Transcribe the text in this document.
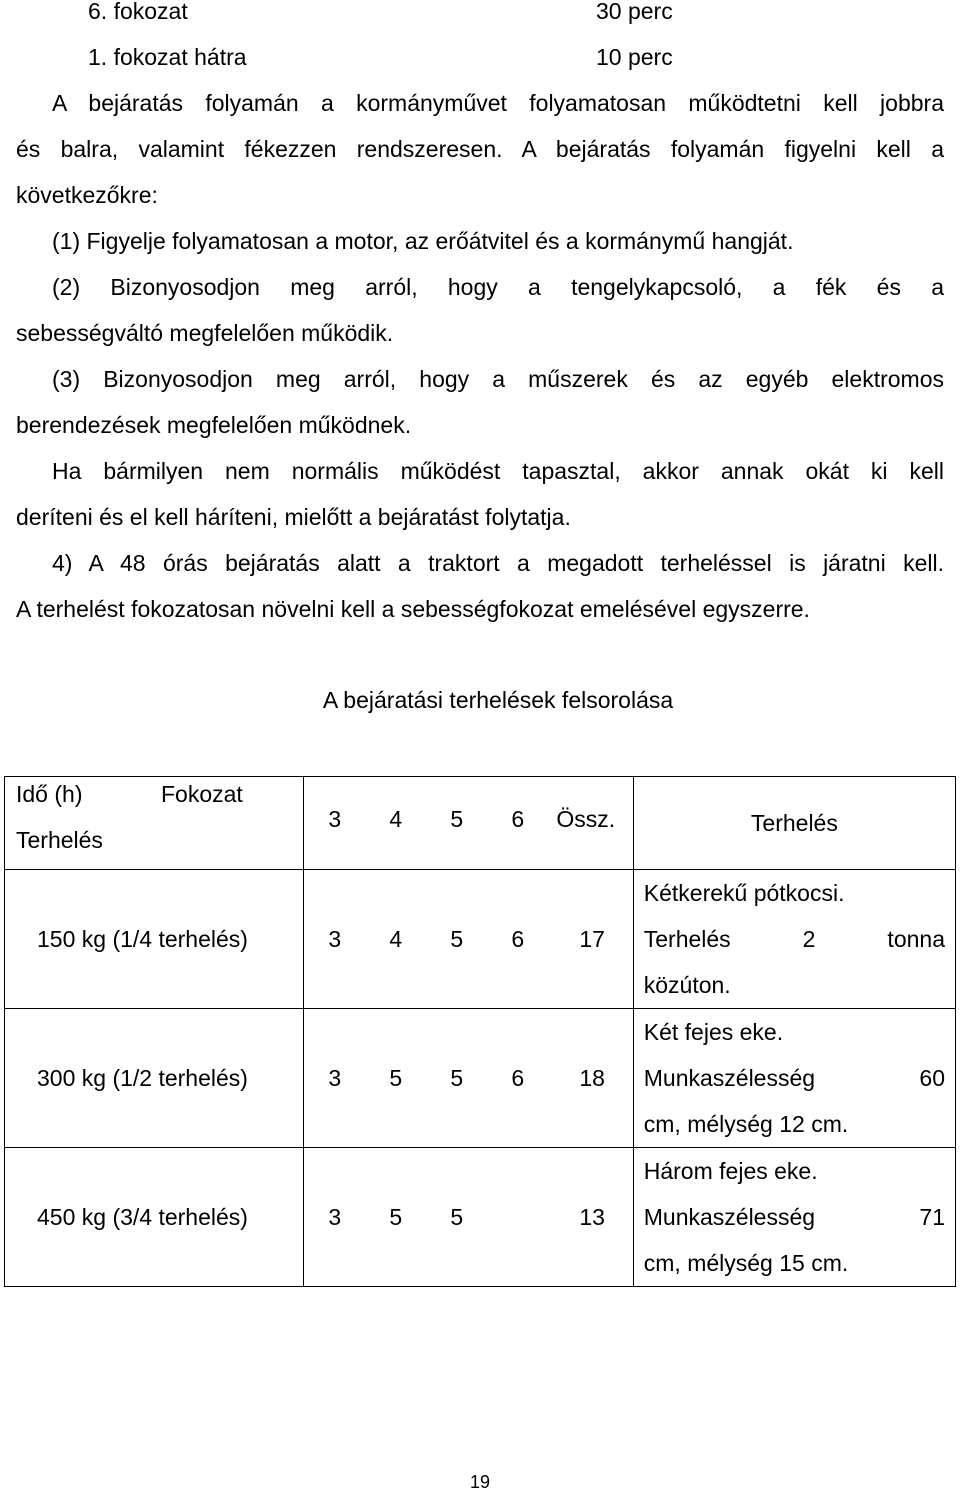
6. fokozat	30 perc
1. fokozat hátra	10 perc
A bejáratás folyamán a kormányművet folyamatosan működtetni kell jobbra
és balra, valamint fékezzen rendszeresen. A bejáratás folyamán figyelni kell a
következőkre:
(1) Figyelje folyamatosan a motor, az erőátvitel és a kormánymű hangját.
(2) Bizonyosodjon meg arról, hogy a tengelykapcsoló, a fék és a
sebességváltó megfelelően működik.
(3) Bizonyosodjon meg arról, hogy a műszerek és az egyéb elektromos
berendezések megfelelően működnek.
Ha bármilyen nem normális működést tapasztal, akkor annak okát ki kell
deríteni és el kell háríteni, mielőtt a bejáratást folytatja.
4) A 48 órás bejáratás alatt a traktort a megadott terheléssel is járatni kell.
A terhelést fokozatosan növelni kell a sebességfokozat emelésével egyszerre.
A bejáratási terhelések felsorolása
Idő (h) Fokozat
Terhelés	3 4 5 6 Össz.	Terhelés

150 kg (1/4 terhelés)	3 4 5 6 17	Kétkerekű pótkocsi.
Terhelés 2 tonna
közúton.

300 kg (1/2 terhelés)	3 5 5 6 18	Két fejes eke.
Munkaszélesség 60
cm, mélység 12 cm.

450 kg (3/4 terhelés)	3 5 5 13	Három fejes eke.
Munkaszélesség 71
cm, mélység 15 cm.
19
